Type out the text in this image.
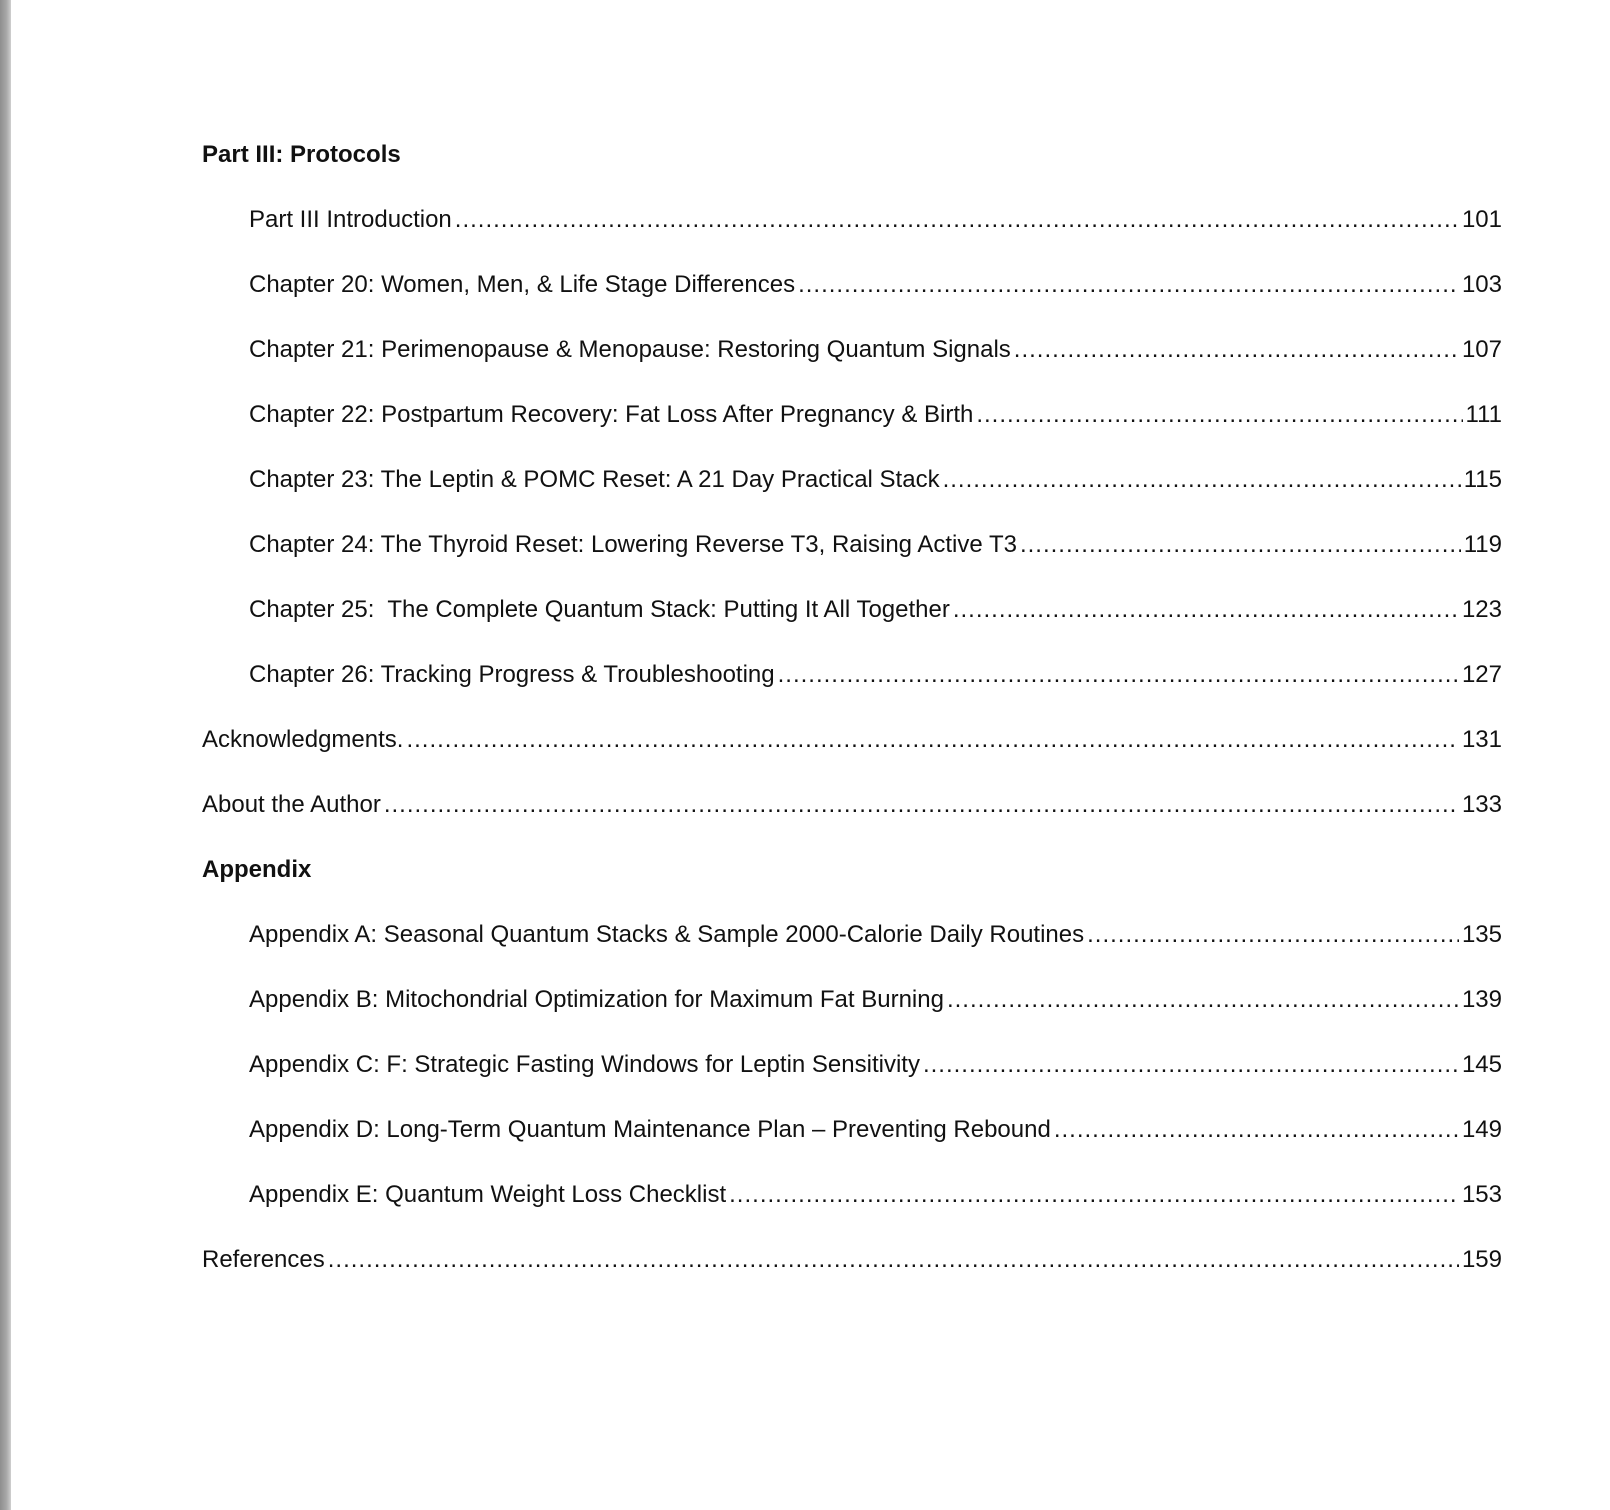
Part III: Protocols
Part III Introduction .....	101
Chapter 20: Women, Men, & Life Stage Differences .....	103
Chapter 21: Perimenopause & Menopause: Restoring Quantum Signals .....	107
Chapter 22: Postpartum Recovery: Fat Loss After Pregnancy & Birth .....	111
Chapter 23: The Leptin & POMC Reset: A 21 Day Practical Stack .....	115
Chapter 24: The Thyroid Reset: Lowering Reverse T3, Raising Active T3 .....	119
Chapter 25:  The Complete Quantum Stack: Putting It All Together .....	123
Chapter 26: Tracking Progress & Troubleshooting .....	127
Acknowledgments. .....	131
About the Author .....	133
Appendix
Appendix A: Seasonal Quantum Stacks & Sample 2000-Calorie Daily Routines .....	135
Appendix B: Mitochondrial Optimization for Maximum Fat Burning .....	139
Appendix C: F: Strategic Fasting Windows for Leptin Sensitivity .....	145
Appendix D: Long-Term Quantum Maintenance Plan – Preventing Rebound .....	149
Appendix E: Quantum Weight Loss Checklist .....	153
References .....	159
